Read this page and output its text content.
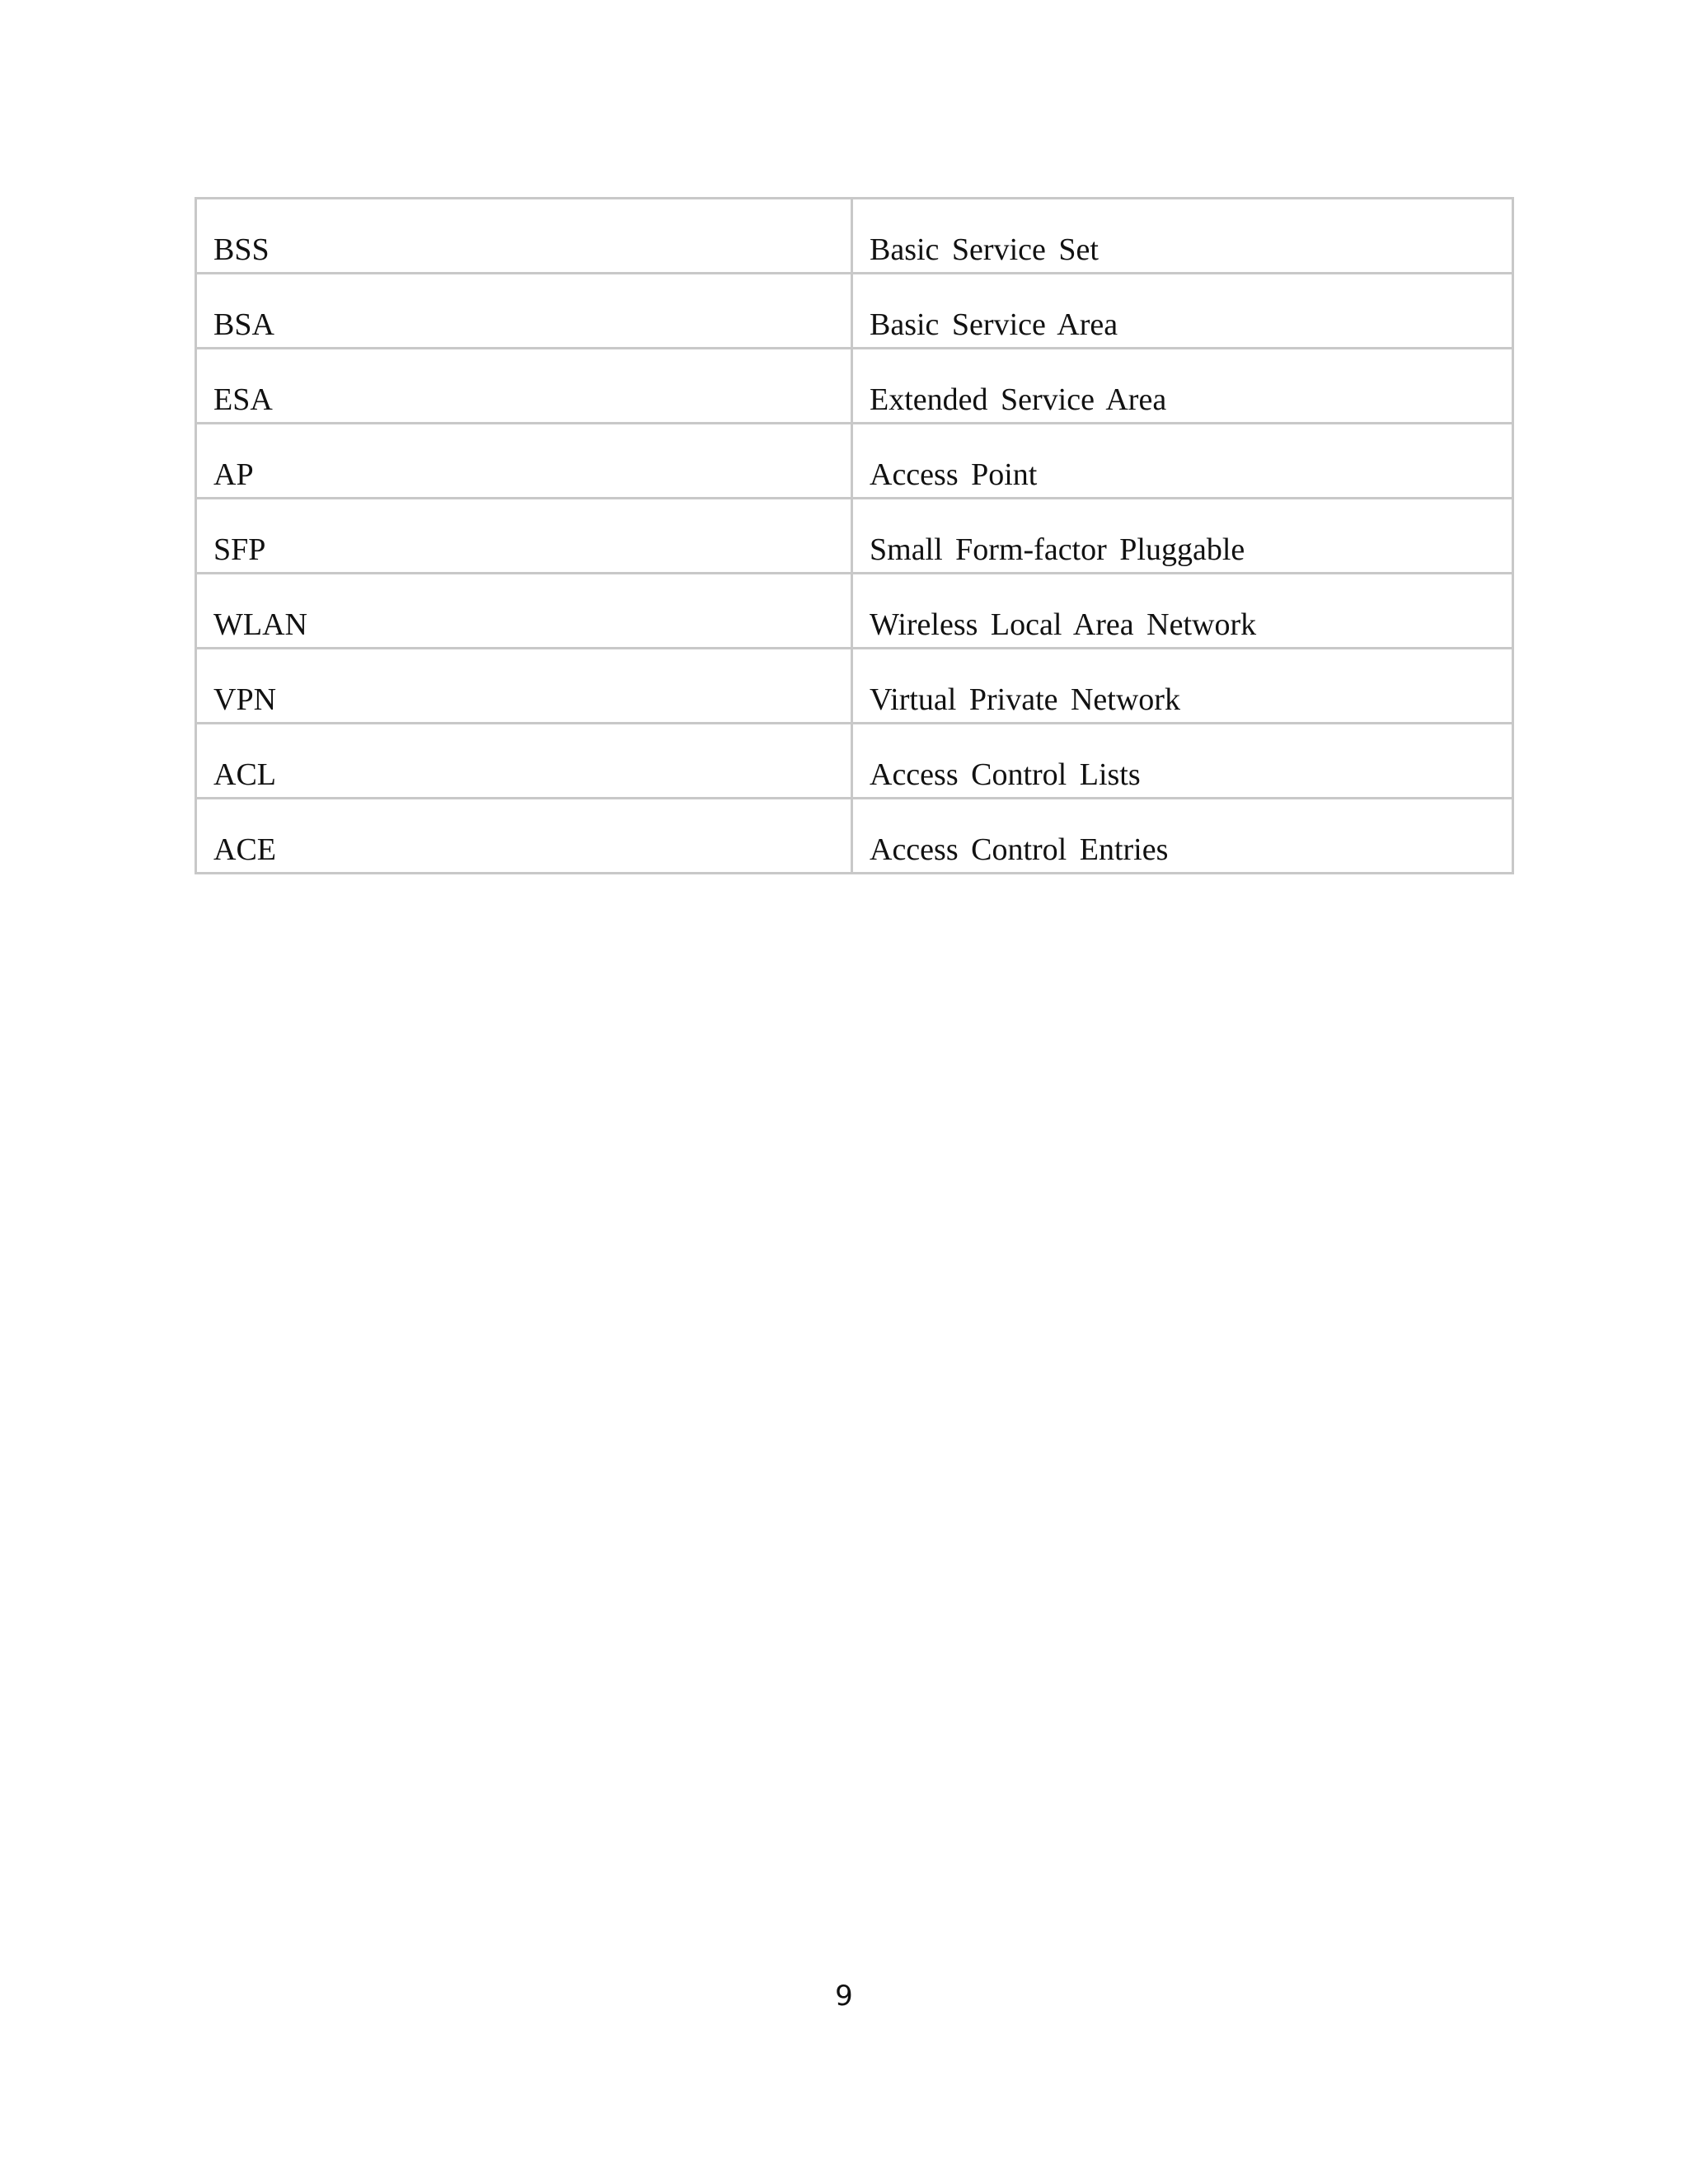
BSS	Basic Service Set

BSA	Basic Service Area

ESA	Extended Service Area

AP	Access Point

SFP	Small Form-factor Pluggable

WLAN	Wireless Local Area Network

VPN	Virtual Private Network

ACL	Access Control Lists

ACE	Access Control Entries
9
